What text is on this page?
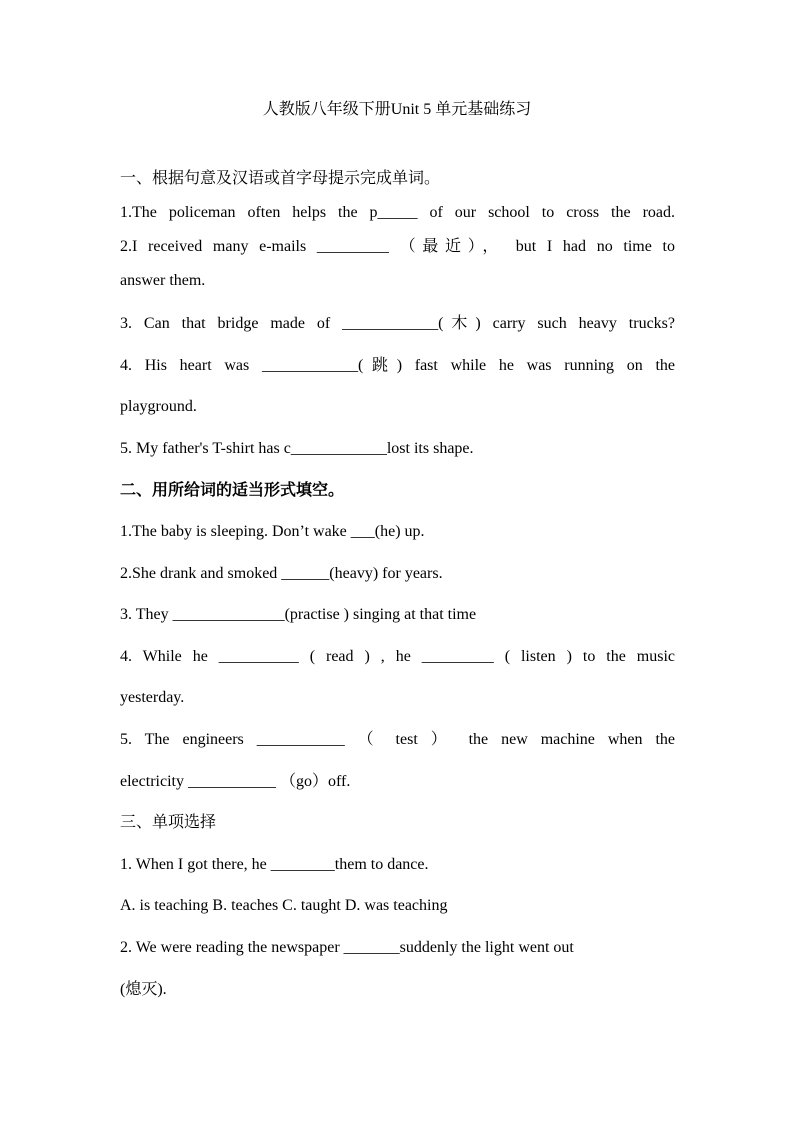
人教版八年级下册Unit 5 单元基础练习
一、根据句意及汉语或首字母提示完成单词。
1.The policeman often helps the p_____ of our school to cross the road.
2.I received many e-mails _________ （最近）， but I had no time to
answer them.
3. Can that bridge made of ____________(木) carry such heavy trucks?
4. His heart was ____________(跳) fast while he was running on the
playground.
5. My father's T-shirt has c____________lost its shape.
二、用所给词的适当形式填空。
1.The baby is sleeping. Don’t wake ___(he) up.
2.She drank and smoked ______(heavy) for years.
3. They ______________(practise ) singing at that time
4. While he __________ ( read ) , he _________ ( listen ) to the music
yesterday.
5. The engineers ___________ （ test ） the new machine when the
electricity ___________ （go）off.
三、单项选择
1. When I got there, he ________them to dance.
A. is teaching B. teaches C. taught D. was teaching
2. We were reading the newspaper _______suddenly the light went out
(熄灭).
